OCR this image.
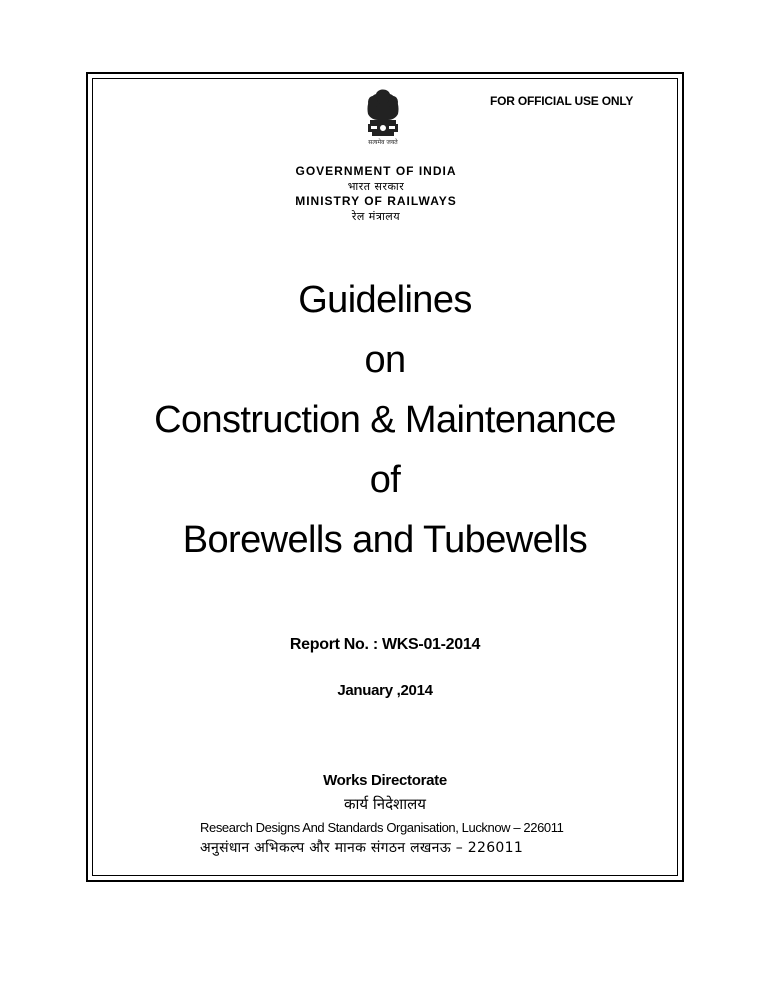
FOR OFFICIAL USE ONLY
सत्यमेव जयते
GOVERNMENT OF INDIA
भारत सरकार
MINISTRY OF RAILWAYS
रेल मंत्रालय
Guidelines
on
Construction & Maintenance
of
Borewells and Tubewells
Report No. : WKS-01-2014
January ,2014
Works Directorate
कार्य निदेशालय
Research Designs And Standards Organisation, Lucknow – 226011
अनुसंधान अभिकल्प और मानक संगठन लखनऊ – 226011
